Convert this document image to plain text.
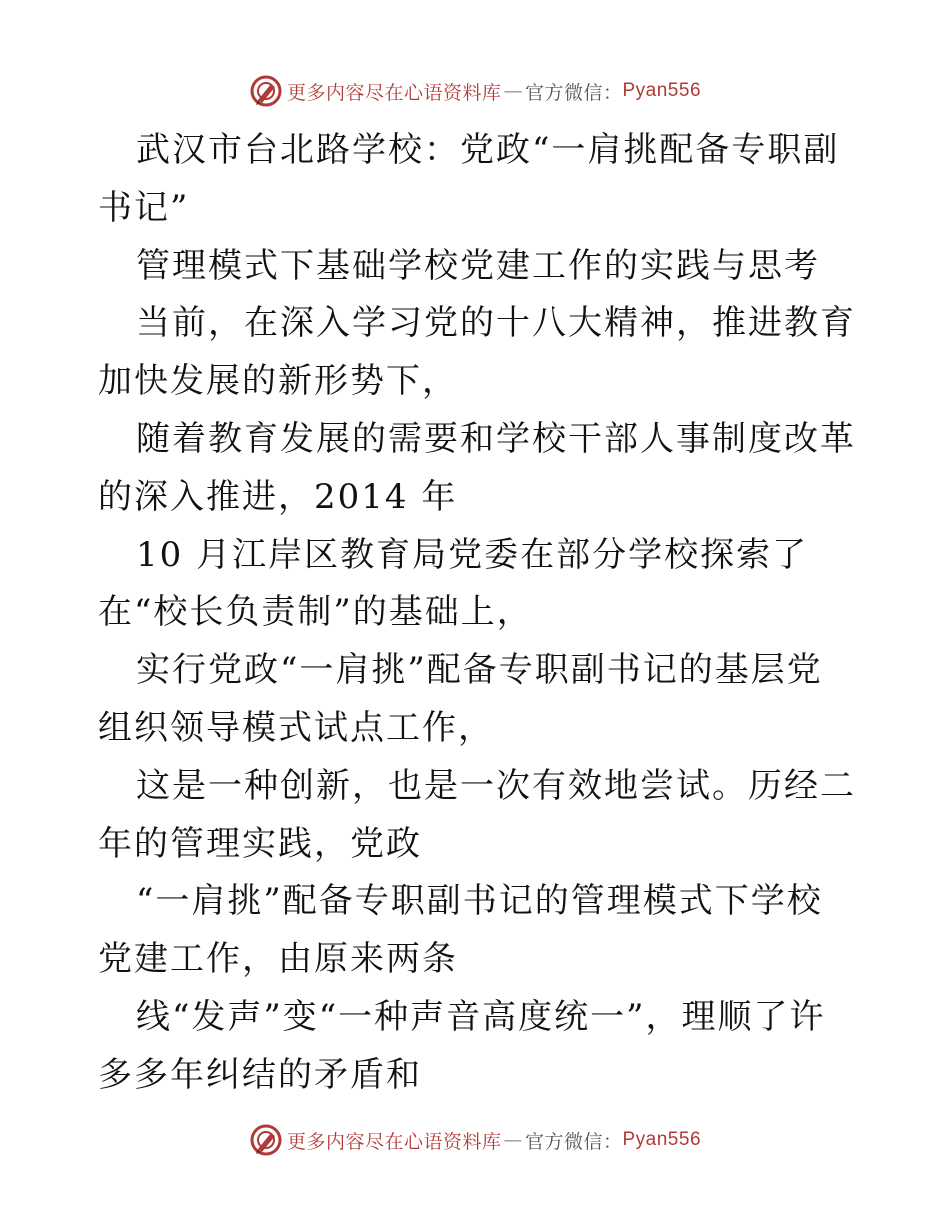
更多内容尽在心语资料库 — 官方微信： Pyan556

武汉市台北路学校：党政“一肩挑配备专职副书记”

管理模式下基础学校党建工作的实践与思考

当前，在深入学习党的十八大精神，推进教育加快发展的新形势下，

随着教育发展的需要和学校干部人事制度改革的深入推进，2014 年

10 月江岸区教育局党委在部分学校探索了

在“校长负责制”的基础上，

实行党政“一肩挑”配备专职副书记的基层党组织领导模式试点工作，

这是一种创新，也是一次有效地尝试。历经二年的管理实践，党政

“一肩挑”配备专职副书记的管理模式下学校党建工作，由原来两条

线“发声”变“一种声音高度统一”，理顺了许多多年纠结的矛盾和

更多内容尽在心语资料库 — 官方微信： Pyan556
